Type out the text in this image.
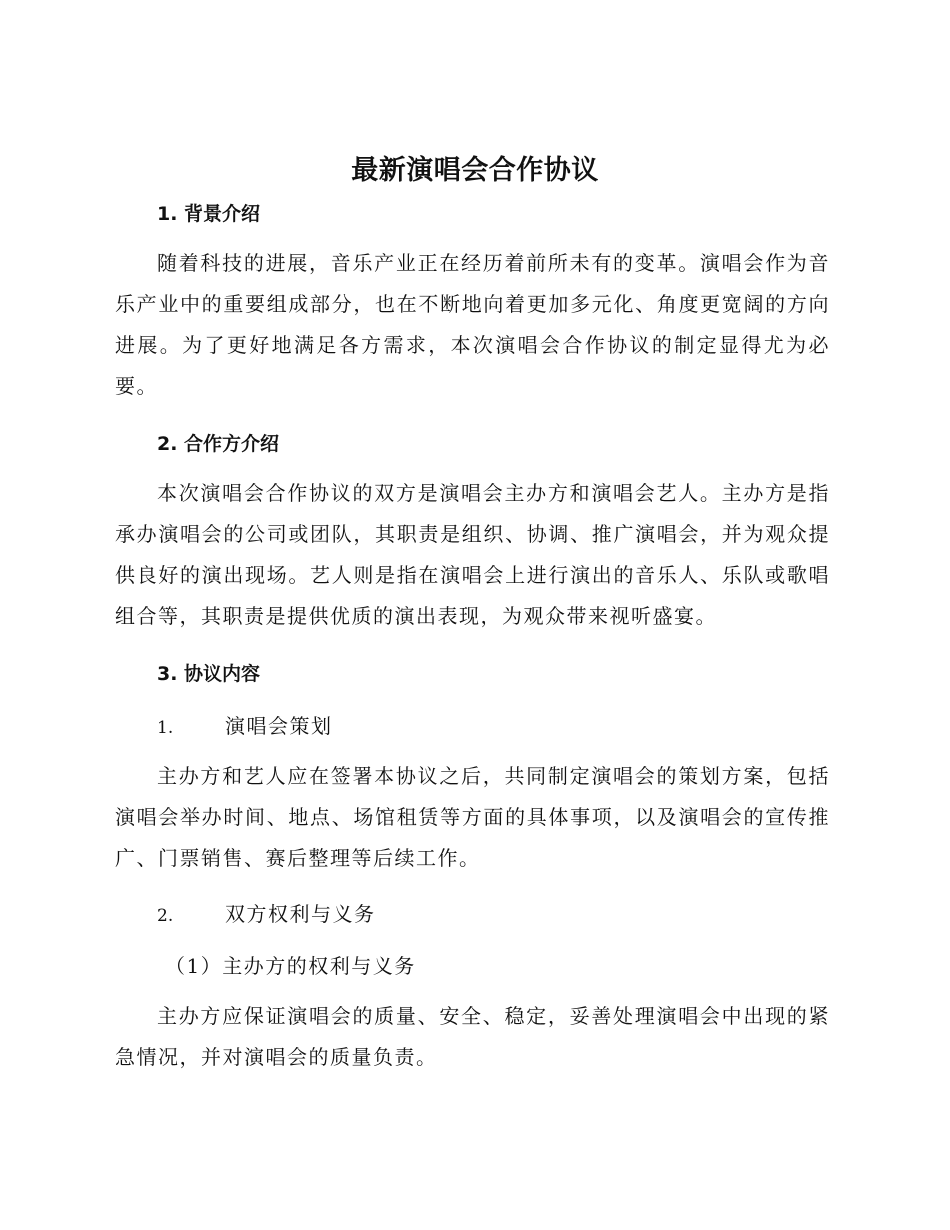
最新演唱会合作协议
1. 背景介绍

随着科技的进展，音乐产业正在经历着前所未有的变革。演唱会作为音乐产业中的重要组成部分，也在不断地向着更加多元化、角度更宽阔的方向进展。为了更好地满足各方需求，本次演唱会合作协议的制定显得尤为必要。

2. 合作方介绍

本次演唱会合作协议的双方是演唱会主办方和演唱会艺人。主办方是指承办演唱会的公司或团队，其职责是组织、协调、推广演唱会，并为观众提供良好的演出现场。艺人则是指在演唱会上进行演出的音乐人、乐队或歌唱组合等，其职责是提供优质的演出表现，为观众带来视听盛宴。

3. 协议内容

1.	演唱会策划

主办方和艺人应在签署本协议之后，共同制定演唱会的策划方案，包括演唱会举办时间、地点、场馆租赁等方面的具体事项，以及演唱会的宣传推广、门票销售、赛后整理等后续工作。

2.	双方权利与义务

（1）主办方的权利与义务

主办方应保证演唱会的质量、安全、稳定，妥善处理演唱会中出现的紧急情况，并对演唱会的质量负责。
